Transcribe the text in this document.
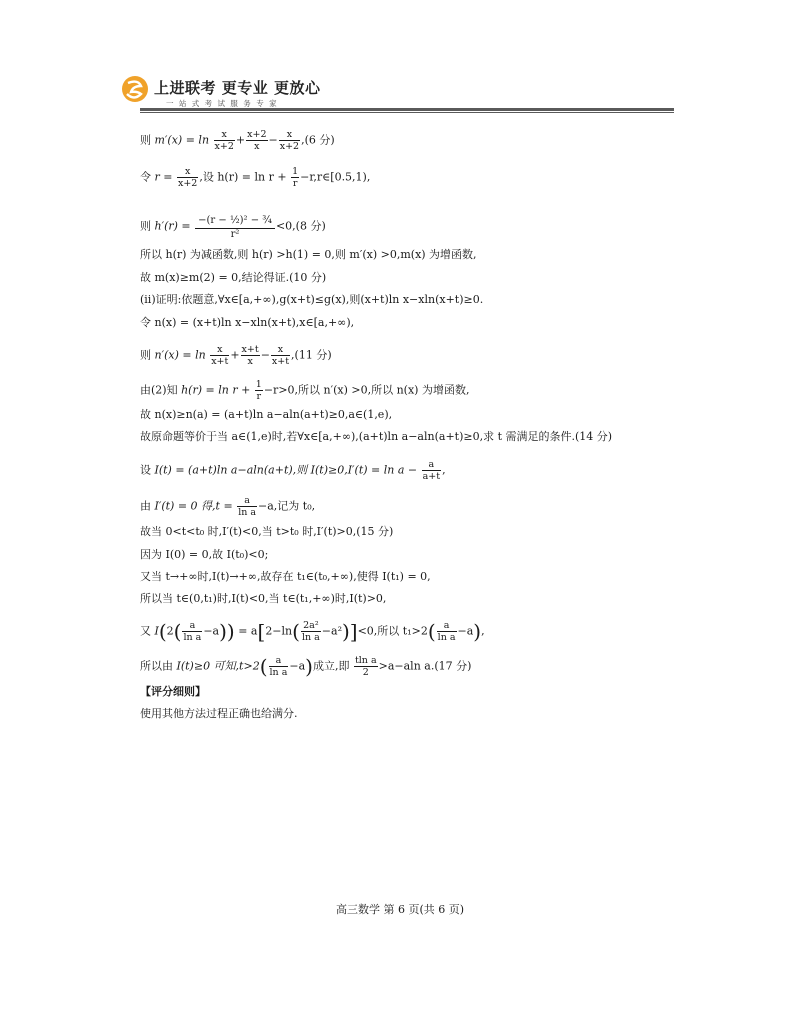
上进联考 更专业 更放心
一 站 式 考 试 服 务 专 家
则 $m'(x) = \ln \frac{x}{x+2} + \frac{x+2}{x} - \frac{x}{x+2} ,(6$ 分)
令 $r = \frac{x}{x+2}$ ,设 $h(r) = \ln r + \frac{1}{r}$ −r,r∈[0.5,1),
则 $h'(r) = \frac{\text{−(r − ½)² − ¾}}{\text{r²}} <0,(8$ 分)
所以 h(r) 为减函数,则 h(r) >h(1) = 0,则 m′(x) >0,m(x) 为增函数,
故 m(x)≥m(2) = 0,结论得证.(10 分)
(ⅱ)证明:依题意,∀x∈[a,+∞),g(x+t)≤g(x),则(x+t)ln x−xln(x+t)≥0.
令 n(x) = (x+t)ln x−xln(x+t),x∈[a,+∞),
则 $n'(x) = \ln \frac{x}{x+t} + \frac{x+t}{x} - \frac{x}{x+t} ,(11$ 分)
由(2)知 $h(r) = \ln r + \frac{1}{r} -r>0$,所以 n′(x) >0,所以 n(x) 为增函数,
故 n(x)≥n(a) = (a+t)ln a−aln(a+t)≥0,a∈(1,e),
故原命题等价于当 a∈(1,e)时,若∀x∈[a,+∞),(a+t)ln a−aln(a+t)≥0,求 t 需满足的条件.(14 分)
设 I(t) = (a+t)ln a−aln(a+t),则 $I(t)\ge 0,I'(t) = \ln a - \frac{a}{a+t}$ ,
由 I′(t) = 0 得$,t = \frac{a}{\text{ln a}} -a$,记为 t₀,
故当 0<t<t₀ 时,I′(t)<0,当 t>t₀ 时,I′(t)>0,(15 分)
因为 I(0) = 0,故 I(t₀)<0;
又当 t→+∞时,I(t)→+∞,故存在 t₁∈(t₀,+∞),使得 I(t₁) = 0,
所以当 t∈(0,t₁)时,I(t)<0,当 t∈(t₁,+∞)时,I(t)>0,
又 $I(2( \frac{a}{\text{ln a}} -a)) = a[2-\ln( \frac{\text{2a²}}{\text{ln a}} -a^2)]<0$,所以 $t_1>2( \frac{a}{\text{ln a}} -a)$,
所以由 I(t)≥0 可知$,t>2( \frac{a}{\text{ln a}} -a)$成立,即 $\frac{\text{tln a}}{2} >a-aln$ a.(17 分)
【评分细则】
使用其他方法过程正确也给满分.
高三数学 第 6 页(共 6 页)
